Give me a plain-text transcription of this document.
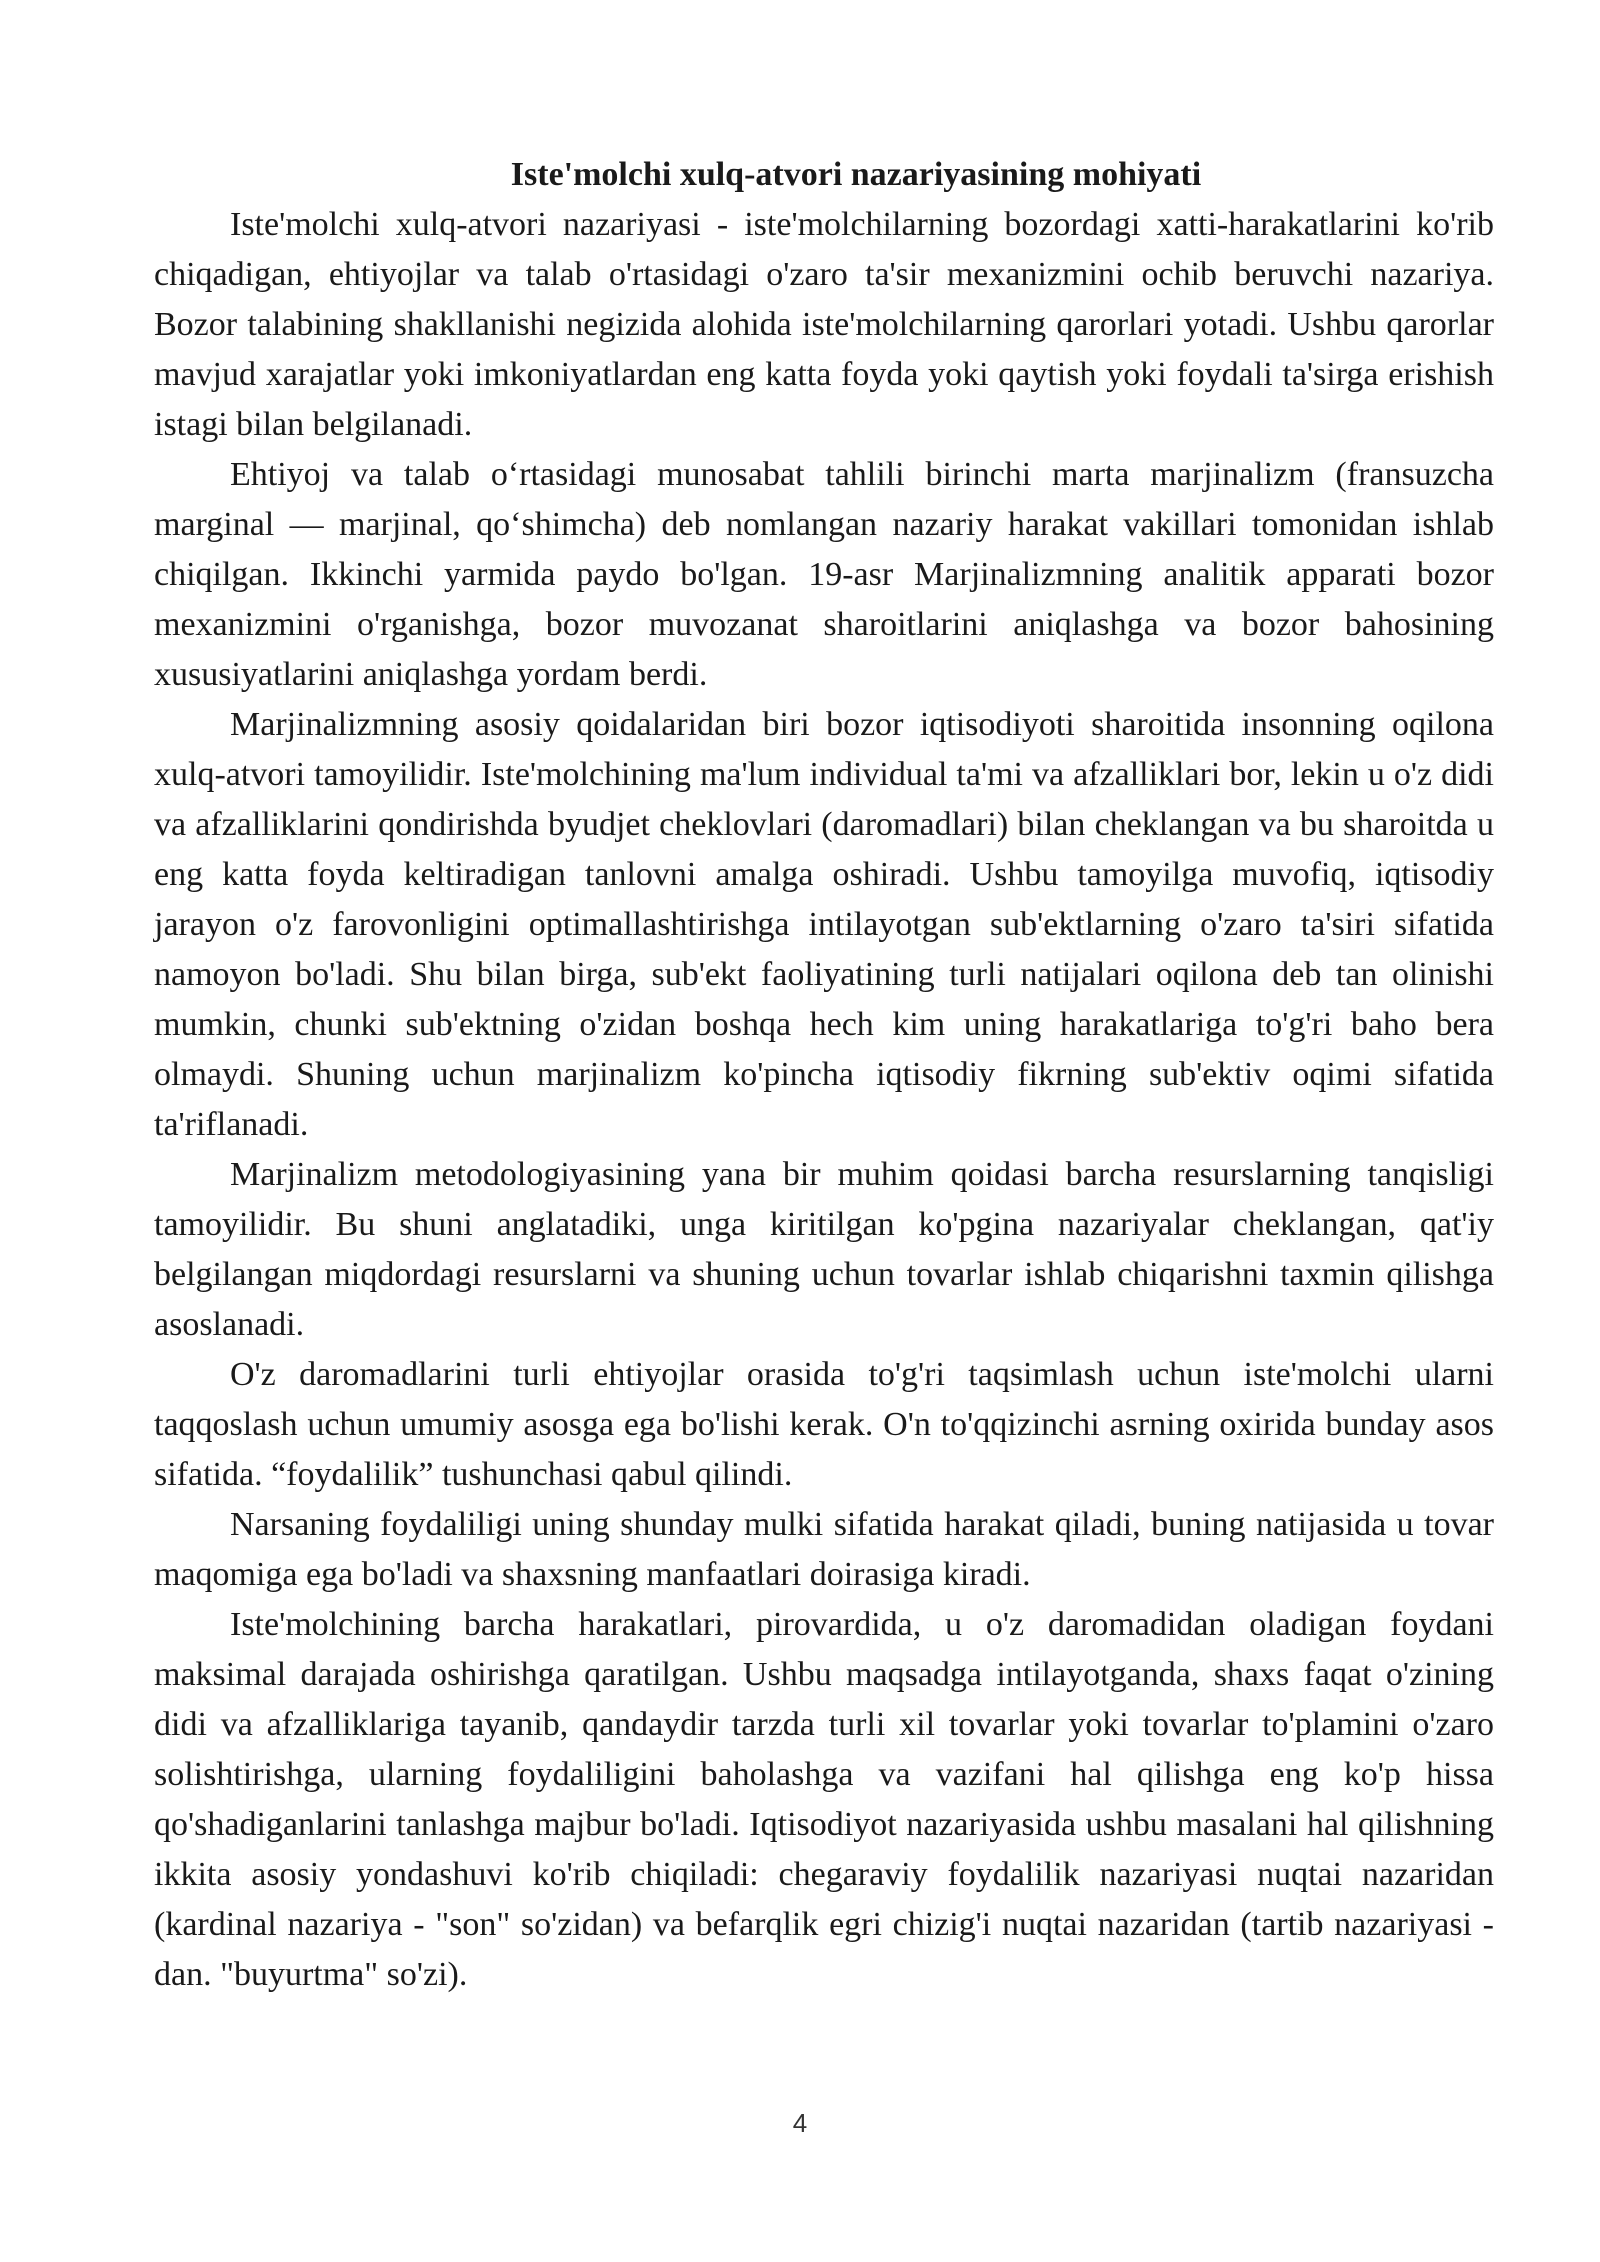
Iste'molchi xulq-atvori nazariyasining mohiyati

Iste'molchi xulq-atvori nazariyasi - iste'molchilarning bozordagi xatti-harakatlarini ko'rib chiqadigan, ehtiyojlar va talab o'rtasidagi o'zaro ta'sir mexanizmini ochib beruvchi nazariya. Bozor talabining shakllanishi negizida alohida iste'molchilarning qarorlari yotadi. Ushbu qarorlar mavjud xarajatlar yoki imkoniyatlardan eng katta foyda yoki qaytish yoki foydali ta'sirga erishish istagi bilan belgilanadi.

Ehtiyoj va talab o‘rtasidagi munosabat tahlili birinchi marta marjinalizm (fransuzcha marginal — marjinal, qo‘shimcha) deb nomlangan nazariy harakat vakillari tomonidan ishlab chiqilgan. Ikkinchi yarmida paydo bo'lgan. 19-asr Marjinalizmning analitik apparati bozor mexanizmini o'rganishga, bozor muvozanat sharoitlarini aniqlashga va bozor bahosining xususiyatlarini aniqlashga yordam berdi.

Marjinalizmning asosiy qoidalaridan biri bozor iqtisodiyoti sharoitida insonning oqilona xulq-atvori tamoyilidir. Iste'molchining ma'lum individual ta'mi va afzalliklari bor, lekin u o'z didi va afzalliklarini qondirishda byudjet cheklovlari (daromadlari) bilan cheklangan va bu sharoitda u eng katta foyda keltiradigan tanlovni amalga oshiradi. Ushbu tamoyilga muvofiq, iqtisodiy jarayon o'z farovonligini optimallashtirishga intilayotgan sub'ektlarning o'zaro ta'siri sifatida namoyon bo'ladi. Shu bilan birga, sub'ekt faoliyatining turli natijalari oqilona deb tan olinishi mumkin, chunki sub'ektning o'zidan boshqa hech kim uning harakatlariga to'g'ri baho bera olmaydi. Shuning uchun marjinalizm ko'pincha iqtisodiy fikrning sub'ektiv oqimi sifatida ta'riflanadi.

Marjinalizm metodologiyasining yana bir muhim qoidasi barcha resurslarning tanqisligi tamoyilidir. Bu shuni anglatadiki, unga kiritilgan ko'pgina nazariyalar cheklangan, qat'iy belgilangan miqdordagi resurslarni va shuning uchun tovarlar ishlab chiqarishni taxmin qilishga asoslanadi.

O'z daromadlarini turli ehtiyojlar orasida to'g'ri taqsimlash uchun iste'molchi ularni taqqoslash uchun umumiy asosga ega bo'lishi kerak. O'n to'qqizinchi asrning oxirida bunday asos sifatida. “foydalilik” tushunchasi qabul qilindi.

Narsaning foydaliligi uning shunday mulki sifatida harakat qiladi, buning natijasida u tovar maqomiga ega bo'ladi va shaxsning manfaatlari doirasiga kiradi.

Iste'molchining barcha harakatlari, pirovardida, u o'z daromadidan oladigan foydani maksimal darajada oshirishga qaratilgan. Ushbu maqsadga intilayotganda, shaxs faqat o'zining didi va afzalliklariga tayanib, qandaydir tarzda turli xil tovarlar yoki tovarlar to'plamini o'zaro solishtirishga, ularning foydaliligini baholashga va vazifani hal qilishga eng ko'p hissa qo'shadiganlarini tanlashga majbur bo'ladi. Iqtisodiyot nazariyasida ushbu masalani hal qilishning ikkita asosiy yondashuvi ko'rib chiqiladi: chegaraviy foydalilik nazariyasi nuqtai nazaridan (kardinal nazariya - "son" so'zidan) va befarqlik egri chizig'i nuqtai nazaridan (tartib nazariyasi - dan. "buyurtma" so'zi).

4
